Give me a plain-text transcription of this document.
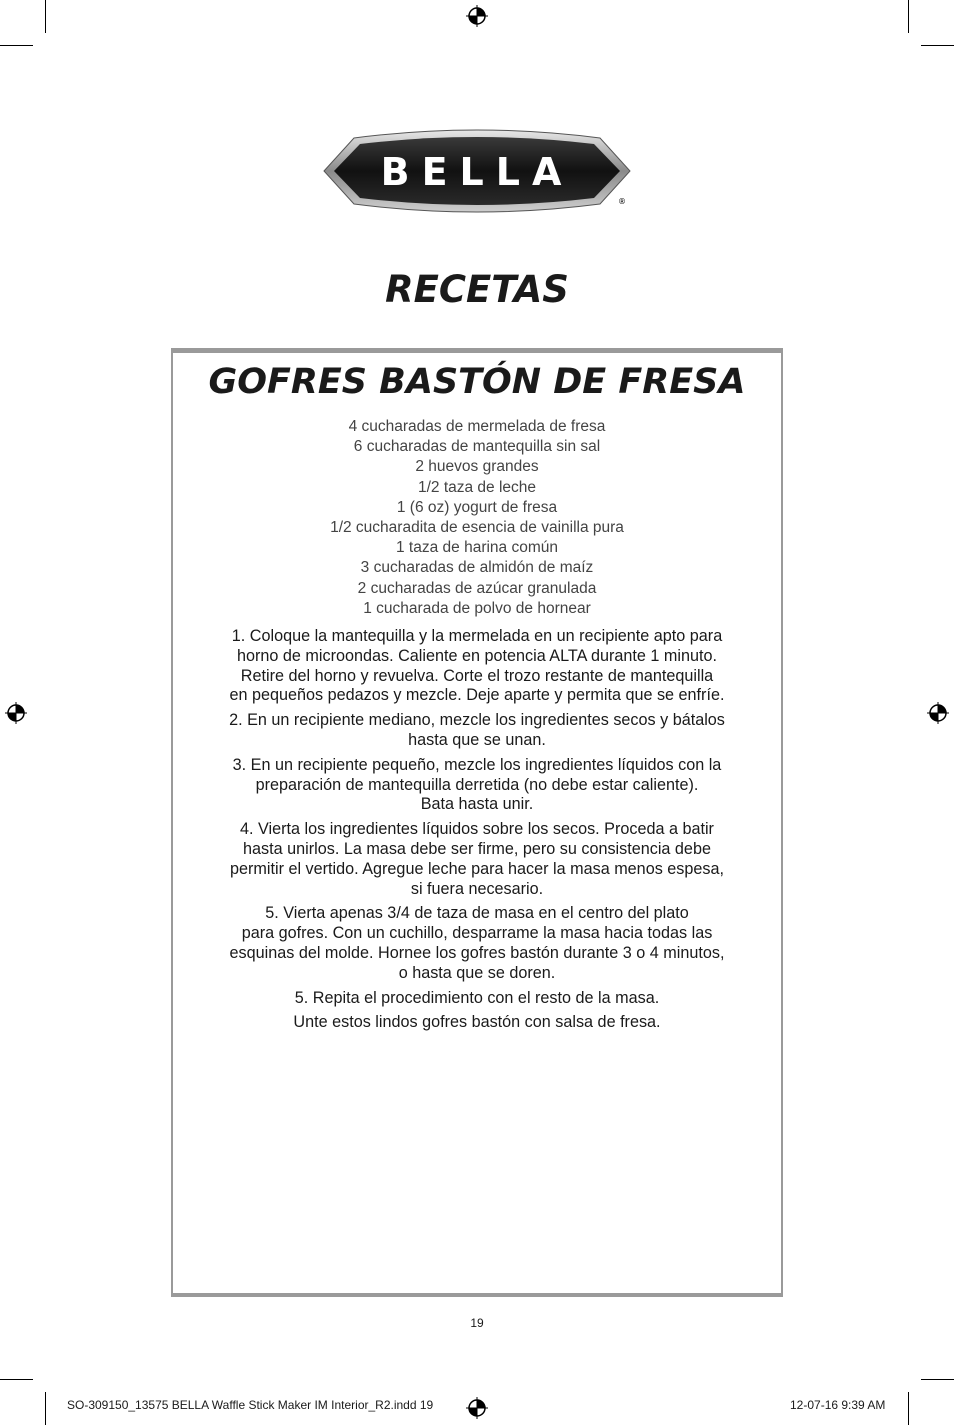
BELLA
®
RECETAS
GOFRES BASTÓN DE FRESA
4 cucharadas de mermelada de fresa
6 cucharadas de mantequilla sin sal
2 huevos grandes
1/2 taza de leche
1 (6 oz) yogurt de fresa
1/2 cucharadita de esencia de vainilla pura
1 taza de harina común
3 cucharadas de almidón de maíz
2 cucharadas de azúcar granulada
1 cucharada de polvo de hornear

1. Coloque la mantequilla y la mermelada en un recipiente apto para
horno de microondas. Caliente en potencia ALTA durante 1 minuto.
Retire del horno y revuelva. Corte el trozo restante de mantequilla
en pequeños pedazos y mezcle. Deje aparte y permita que se enfríe.

2. En un recipiente mediano, mezcle los ingredientes secos y bátalos
hasta que se unan.

3. En un recipiente pequeño, mezcle los ingredientes líquidos con la
preparación de mantequilla derretida (no debe estar caliente).
Bata hasta unir.

4. Vierta los ingredientes líquidos sobre los secos. Proceda a batir
hasta unirlos. La masa debe ser firme, pero su consistencia debe
permitir el vertido. Agregue leche para hacer la masa menos espesa,
si fuera necesario.

5. Vierta apenas 3/4 de taza de masa en el centro del plato
para gofres. Con un cuchillo, desparrame la masa hacia todas las
esquinas del molde. Hornee los gofres bastón durante 3 o 4 minutos,
o hasta que se doren.

5. Repita el procedimiento con el resto de la masa.

Unte estos lindos gofres bastón con salsa de fresa.

19
SO-309150_13575 BELLA Waffle Stick Maker IM Interior_R2.indd 19	12-07-16 9:39 AM
